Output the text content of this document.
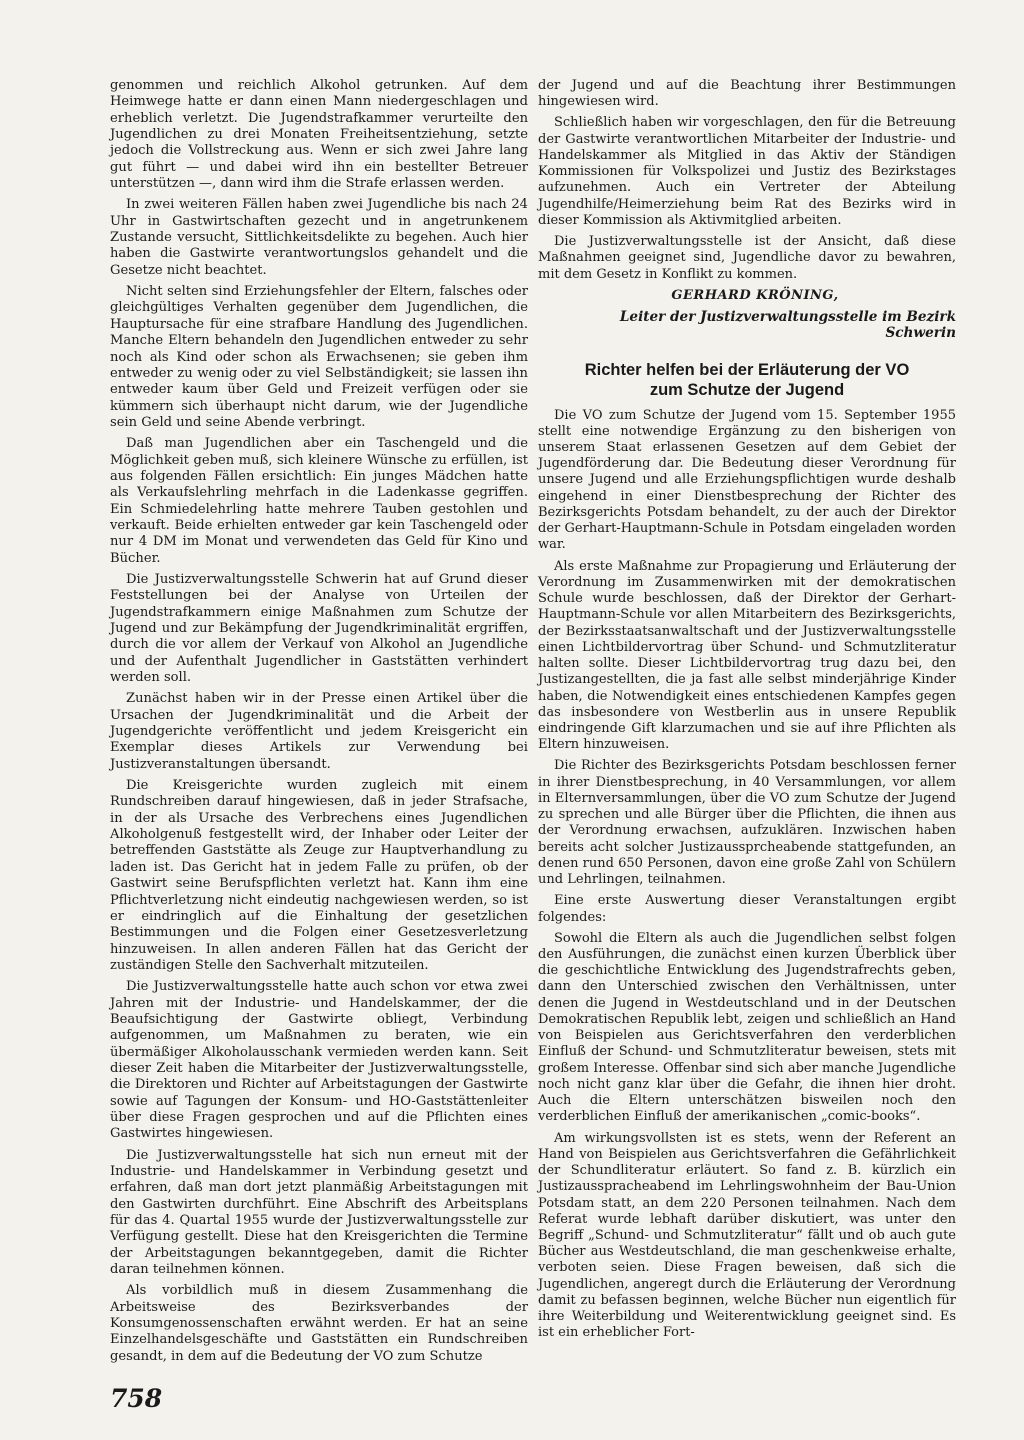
genommen und reichlich Alkohol getrunken. Auf dem Heimwege hatte er dann einen Mann niedergeschlagen und erheblich verletzt. Die Jugendstrafkammer verurteilte den Jugendlichen zu drei Monaten Freiheitsentziehung, setzte jedoch die Vollstreckung aus. Wenn er sich zwei Jahre lang gut führt — und dabei wird ihn ein bestellter Betreuer unterstützen —, dann wird ihm die Strafe erlassen werden.

In zwei weiteren Fällen haben zwei Jugendliche bis nach 24 Uhr in Gastwirtschaften gezecht und in angetrunkenem Zustande versucht, Sittlichkeitsdelikte zu begehen. Auch hier haben die Gastwirte verantwortungslos gehandelt und die Gesetze nicht beachtet.

Nicht selten sind Erziehungsfehler der Eltern, falsches oder gleichgültiges Verhalten gegenüber dem Jugendlichen, die Hauptursache für eine strafbare Handlung des Jugendlichen. Manche Eltern behandeln den Jugendlichen entweder zu sehr noch als Kind oder schon als Erwachsenen; sie geben ihm entweder zu wenig oder zu viel Selbständigkeit; sie lassen ihn entweder kaum über Geld und Freizeit verfügen oder sie kümmern sich überhaupt nicht darum, wie der Jugendliche sein Geld und seine Abende verbringt.

Daß man Jugendlichen aber ein Taschengeld und die Möglichkeit geben muß, sich kleinere Wünsche zu erfüllen, ist aus folgenden Fällen ersichtlich: Ein junges Mädchen hatte als Verkaufslehrling mehrfach in die Ladenkasse gegriffen. Ein Schmiedelehrling hatte mehrere Tauben gestohlen und verkauft. Beide erhielten entweder gar kein Taschengeld oder nur 4 DM im Monat und verwendeten das Geld für Kino und Bücher.

Die Justizverwaltungsstelle Schwerin hat auf Grund dieser Feststellungen bei der Analyse von Urteilen der Jugendstrafkammern einige Maßnahmen zum Schutze der Jugend und zur Bekämpfung der Jugendkriminalität ergriffen, durch die vor allem der Verkauf von Alkohol an Jugendliche und der Aufenthalt Jugendlicher in Gaststätten verhindert werden soll.

Zunächst haben wir in der Presse einen Artikel über die Ursachen der Jugendkriminalität und die Arbeit der Jugendgerichte veröffentlicht und jedem Kreisgericht ein Exemplar dieses Artikels zur Verwendung bei Justizveranstaltungen übersandt.

Die Kreisgerichte wurden zugleich mit einem Rundschreiben darauf hingewiesen, daß in jeder Strafsache, in der als Ursache des Verbrechens eines Jugendlichen Alkoholgenuß festgestellt wird, der Inhaber oder Leiter der betreffenden Gaststätte als Zeuge zur Hauptverhandlung zu laden ist. Das Gericht hat in jedem Falle zu prüfen, ob der Gastwirt seine Berufspflichten verletzt hat. Kann ihm eine Pflichtverletzung nicht eindeutig nachgewiesen werden, so ist er eindringlich auf die Einhaltung der gesetzlichen Bestimmungen und die Folgen einer Gesetzesverletzung hinzuweisen. In allen anderen Fällen hat das Gericht der zuständigen Stelle den Sachverhalt mitzuteilen.

Die Justizverwaltungsstelle hatte auch schon vor etwa zwei Jahren mit der Industrie- und Handelskammer, der die Beaufsichtigung der Gastwirte obliegt, Verbindung aufgenommen, um Maßnahmen zu beraten, wie ein übermäßiger Alkoholausschank vermieden werden kann. Seit dieser Zeit haben die Mitarbeiter der Justizverwaltungsstelle, die Direktoren und Richter auf Arbeitstagungen der Gastwirte sowie auf Tagungen der Konsum- und HO-Gaststättenleiter über diese Fragen gesprochen und auf die Pflichten eines Gastwirtes hingewiesen.

Die Justizverwaltungsstelle hat sich nun erneut mit der Industrie- und Handelskammer in Verbindung gesetzt und erfahren, daß man dort jetzt planmäßig Arbeitstagungen mit den Gastwirten durchführt. Eine Abschrift des Arbeitsplans für das 4. Quartal 1955 wurde der Justizverwaltungsstelle zur Verfügung gestellt. Diese hat den Kreisgerichten die Termine der Arbeitstagungen bekanntgegeben, damit die Richter daran teilnehmen können.

Als vorbildlich muß in diesem Zusammenhang die Arbeitsweise des Bezirksverbandes der Konsumgenossenschaften erwähnt werden. Er hat an seine Einzelhandelsgeschäfte und Gaststätten ein Rundschreiben gesandt, in dem auf die Bedeutung der VO zum Schutze

der Jugend und auf die Beachtung ihrer Bestimmungen hingewiesen wird.

Schließlich haben wir vorgeschlagen, den für die Betreuung der Gastwirte verantwortlichen Mitarbeiter der Industrie- und Handelskammer als Mitglied in das Aktiv der Ständigen Kommissionen für Volkspolizei und Justiz des Bezirkstages aufzunehmen. Auch ein Vertreter der Abteilung Jugendhilfe/Heimerziehung beim Rat des Bezirks wird in dieser Kommission als Aktivmitglied arbeiten.

Die Justizverwaltungsstelle ist der Ansicht, daß diese Maßnahmen geeignet sind, Jugendliche davor zu bewahren, mit dem Gesetz in Konflikt zu kommen.

GERHARD KRÖNING,

Leiter der Justizverwaltungsstelle im Bezirk Schwerin

Richter helfen bei der Erläuterung der VO
zum Schutze der Jugend

Die VO zum Schutze der Jugend vom 15. September 1955 stellt eine notwendige Ergänzung zu den bisherigen von unserem Staat erlassenen Gesetzen auf dem Gebiet der Jugendförderung dar. Die Bedeutung dieser Verordnung für unsere Jugend und alle Erziehungspflichtigen wurde deshalb eingehend in einer Dienstbesprechung der Richter des Bezirksgerichts Potsdam behandelt, zu der auch der Direktor der Gerhart-Hauptmann-Schule in Potsdam eingeladen worden war.

Als erste Maßnahme zur Propagierung und Erläuterung der Verordnung im Zusammenwirken mit der demokratischen Schule wurde beschlossen, daß der Direktor der Gerhart-Hauptmann-Schule vor allen Mitarbeitern des Bezirksgerichts, der Bezirksstaatsanwaltschaft und der Justizverwaltungsstelle einen Lichtbildervortrag über Schund- und Schmutzliteratur halten sollte. Dieser Lichtbildervortrag trug dazu bei, den Justizangestellten, die ja fast alle selbst minderjährige Kinder haben, die Notwendigkeit eines entschiedenen Kampfes gegen das insbesondere von Westberlin aus in unsere Republik eindringende Gift klarzumachen und sie auf ihre Pflichten als Eltern hinzuweisen.

Die Richter des Bezirksgerichts Potsdam beschlossen ferner in ihrer Dienstbesprechung, in 40 Versammlungen, vor allem in Elternversammlungen, über die VO zum Schutze der Jugend zu sprechen und alle Bürger über die Pflichten, die ihnen aus der Verordnung erwachsen, aufzuklären. Inzwischen haben bereits acht solcher Justizaussprcheabende stattgefunden, an denen rund 650 Personen, davon eine große Zahl von Schülern und Lehrlingen, teilnahmen.

Eine erste Auswertung dieser Veranstaltungen ergibt folgendes:

Sowohl die Eltern als auch die Jugendlichen selbst folgen den Ausführungen, die zunächst einen kurzen Überblick über die geschichtliche Entwicklung des Jugendstrafrechts geben, dann den Unterschied zwischen den Verhältnissen, unter denen die Jugend in Westdeutschland und in der Deutschen Demokratischen Republik lebt, zeigen und schließlich an Hand von Beispielen aus Gerichtsverfahren den verderblichen Einfluß der Schund- und Schmutzliteratur beweisen, stets mit großem Interesse. Offenbar sind sich aber manche Jugendliche noch nicht ganz klar über die Gefahr, die ihnen hier droht. Auch die Eltern unterschätzen bisweilen noch den verderblichen Einfluß der amerikanischen „comic-books“.

Am wirkungsvollsten ist es stets, wenn der Referent an Hand von Beispielen aus Gerichtsverfahren die Gefährlichkeit der Schundliteratur erläutert. So fand z. B. kürzlich ein Justizausspracheabend im Lehrlingswohnheim der Bau-Union Potsdam statt, an dem 220 Personen teilnahmen. Nach dem Referat wurde lebhaft darüber diskutiert, was unter den Begriff „Schund- und Schmutzliteratur“ fällt und ob auch gute Bücher aus Westdeutschland, die man geschenkweise erhalte, verboten seien. Diese Fragen beweisen, daß sich die Jugendlichen, angeregt durch die Erläuterung der Verordnung damit zu befassen beginnen, welche Bücher nun eigentlich für ihre Weiterbildung und Weiterentwicklung geeignet sind. Es ist ein erheblicher Fort-

758
